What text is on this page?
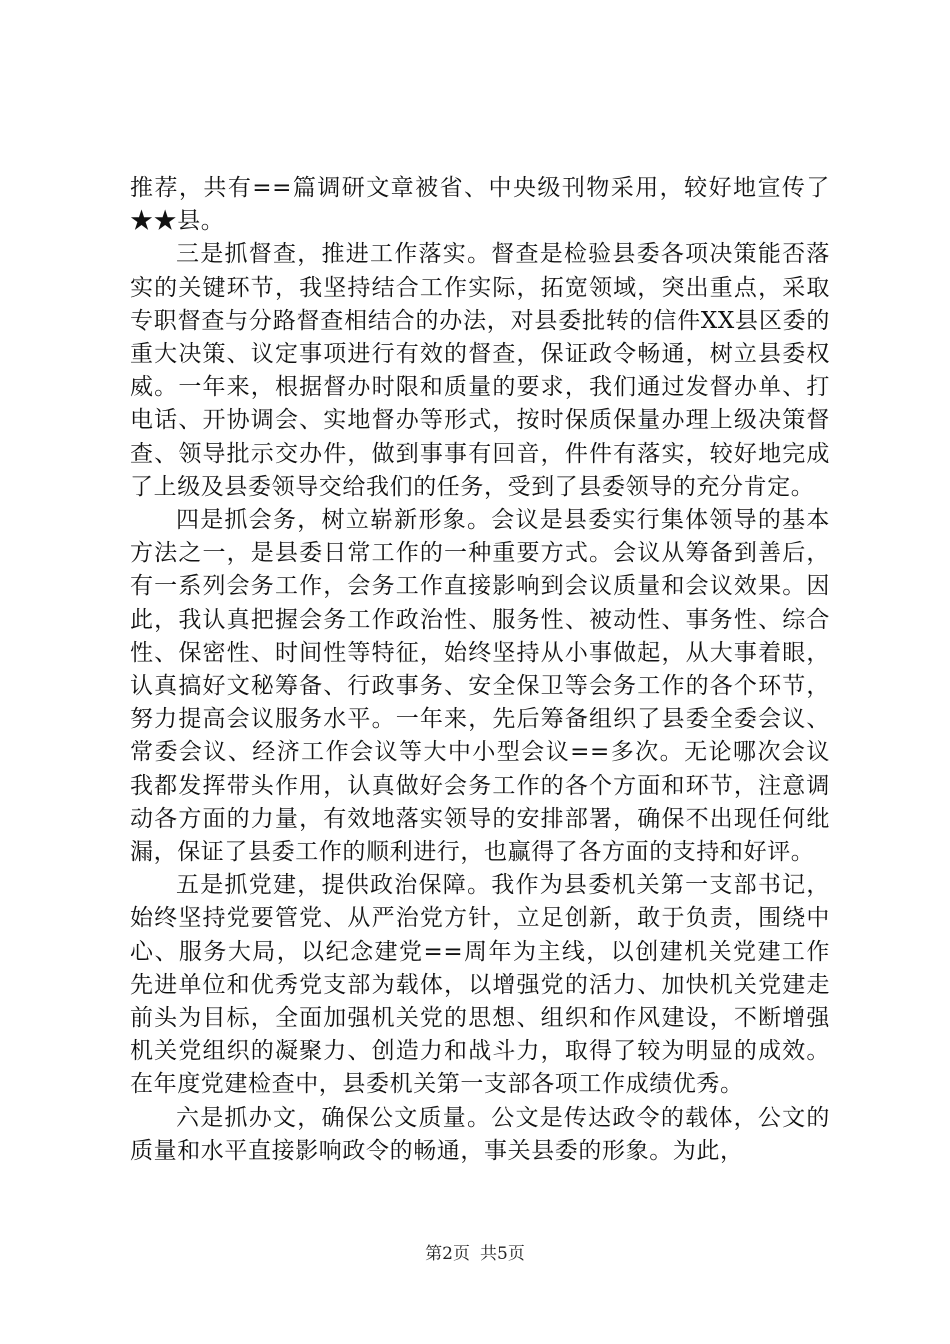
推荐，共有==篇调研文章被省、中央级刊物采用，较好地宣传了★★县。

三是抓督查，推进工作落实。督查是检验县委各项决策能否落实的关键环节，我坚持结合工作实际，拓宽领域，突出重点，采取专职督查与分路督查相结合的办法，对县委批转的信件XX县区委的重大决策、议定事项进行有效的督查，保证政令畅通，树立县委权威。一年来，根据督办时限和质量的要求，我们通过发督办单、打电话、开协调会、实地督办等形式，按时保质保量办理上级决策督查、领导批示交办件，做到事事有回音，件件有落实，较好地完成了上级及县委领导交给我们的任务，受到了县委领导的充分肯定。

四是抓会务，树立崭新形象。会议是县委实行集体领导的基本方法之一，是县委日常工作的一种重要方式。会议从筹备到善后，有一系列会务工作，会务工作直接影响到会议质量和会议效果。因此，我认真把握会务工作政治性、服务性、被动性、事务性、综合性、保密性、时间性等特征，始终坚持从小事做起，从大事着眼，认真搞好文秘筹备、行政事务、安全保卫等会务工作的各个环节，努力提高会议服务水平。一年来，先后筹备组织了县委全委会议、常委会议、经济工作会议等大中小型会议==多次。无论哪次会议我都发挥带头作用，认真做好会务工作的各个方面和环节，注意调动各方面的力量，有效地落实领导的安排部署，确保不出现任何纰漏，保证了县委工作的顺利进行，也赢得了各方面的支持和好评。

五是抓党建，提供政治保障。我作为县委机关第一支部书记，始终坚持党要管党、从严治党方针，立足创新，敢于负责，围绕中心、服务大局，以纪念建党==周年为主线，以创建机关党建工作先进单位和优秀党支部为载体，以增强党的活力、加快机关党建走前头为目标，全面加强机关党的思想、组织和作风建设，不断增强机关党组织的凝聚力、创造力和战斗力，取得了较为明显的成效。在年度党建检查中，县委机关第一支部各项工作成绩优秀。

六是抓办文，确保公文质量。公文是传达政令的载体，公文的质量和水平直接影响政令的畅通，事关县委的形象。为此，

第2页 共5页
